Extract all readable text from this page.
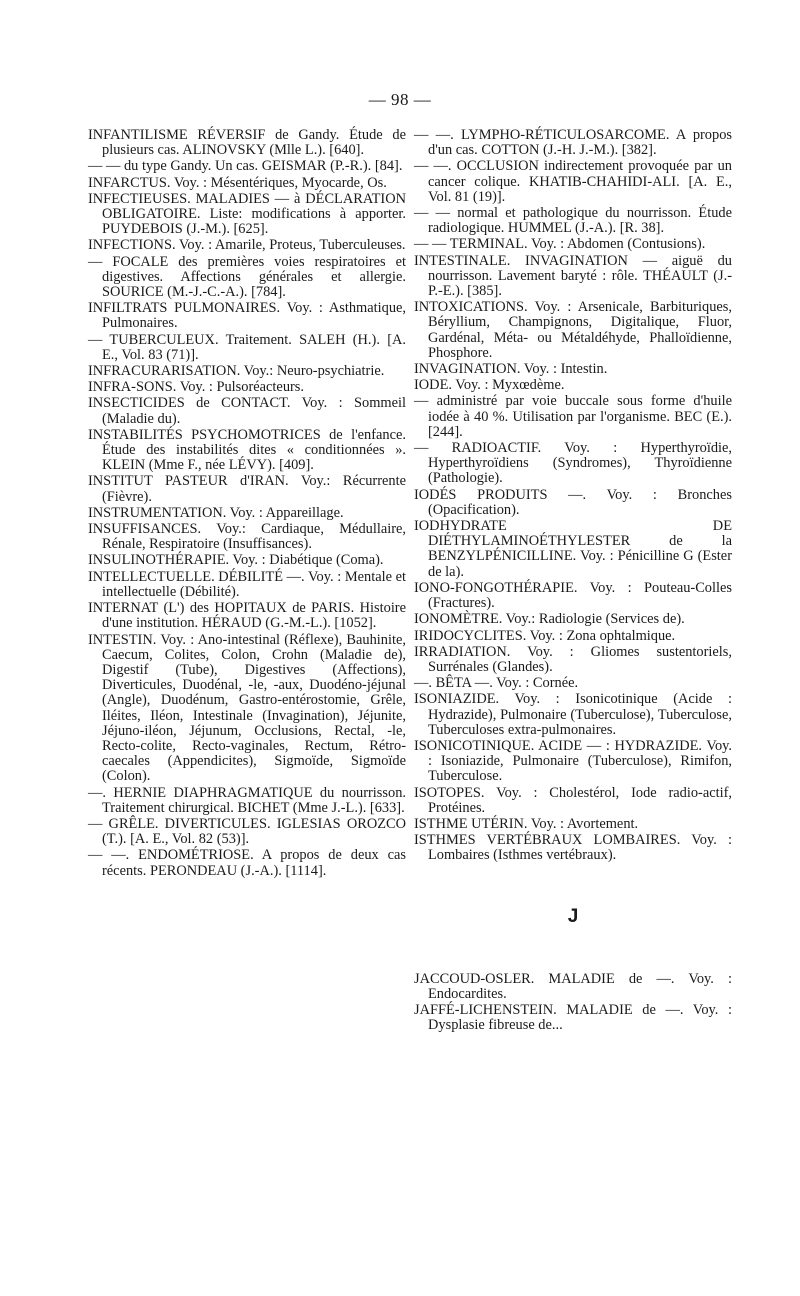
— 98 —

INFANTILISME RÉVERSIF de Gandy. Étude de plusieurs cas. ALINOVSKY (Mlle L.). [640].

— — du type Gandy. Un cas. GEISMAR (P.-R.). [84].

INFARCTUS. Voy. : Mésentériques, Myocarde, Os.

INFECTIEUSES. MALADIES — à DÉCLARATION OBLIGATOIRE. Liste: modifications à apporter. PUYDEBOIS (J.-M.). [625].

INFECTIONS. Voy. : Amarile, Proteus, Tuberculeuses.

— FOCALE des premières voies respiratoires et digestives. Affections générales et allergie. SOURICE (M.-J.-C.-A.). [784].

INFILTRATS PULMONAIRES. Voy. : Asthmatique, Pulmonaires.

— TUBERCULEUX. Traitement. SALEH (H.). [A. E., Vol. 83 (71)].

INFRACURARISATION. Voy.: Neuro-psychiatrie.

INFRA-SONS. Voy. : Pulsoréacteurs.

INSECTICIDES de CONTACT. Voy. : Sommeil (Maladie du).

INSTABILITÉS PSYCHOMOTRICES de l'enfance. Étude des instabilités dites « conditionnées ». KLEIN (Mme F., née LÉVY). [409].

INSTITUT PASTEUR d'IRAN. Voy.: Récurrente (Fièvre).

INSTRUMENTATION. Voy. : Appareillage.

INSUFFISANCES. Voy.: Cardiaque, Médullaire, Rénale, Respiratoire (Insuffisances).

INSULINOTHÉRAPIE. Voy. : Diabétique (Coma).

INTELLECTUELLE. DÉBILITÉ —. Voy. : Mentale et intellectuelle (Débilité).

INTERNAT (L') des HOPITAUX de PARIS. Histoire d'une institution. HÉRAUD (G.-M.-L.). [1052].

INTESTIN. Voy. : Ano-intestinal (Réflexe), Bauhinite, Caecum, Colites, Colon, Crohn (Maladie de), Digestif (Tube), Digestives (Affections), Diverticules, Duodénal, -le, -aux, Duodéno-jéjunal (Angle), Duodénum, Gastro-entérostomie, Grêle, Iléites, Iléon, Intestinale (Invagination), Jéjunite, Jéjuno-iléon, Jéjunum, Occlusions, Rectal, -le, Recto-colite, Recto-vaginales, Rectum, Rétro-caecales (Appendicites), Sigmoïde, Sigmoïde (Colon).

—. HERNIE DIAPHRAGMATIQUE du nourrisson. Traitement chirurgical. BICHET (Mme J.-L.). [633].

— GRÊLE. DIVERTICULES. IGLESIAS OROZCO (T.). [A. E., Vol. 82 (53)].

— —. ENDOMÉTRIOSE. A propos de deux cas récents. PERONDEAU (J.-A.). [1114].

— —. LYMPHO-RÉTICULOSARCOME. A propos d'un cas. COTTON (J.-H. J.-M.). [382].

— —. OCCLUSION indirectement provoquée par un cancer colique. KHATIB-CHAHIDI-ALI. [A. E., Vol. 81 (19)].

— — normal et pathologique du nourrisson. Étude radiologique. HUMMEL (J.-A.). [R. 38].

— — TERMINAL. Voy. : Abdomen (Contusions).

INTESTINALE. INVAGINATION — aiguë du nourrisson. Lavement baryté : rôle. THÉAULT (J.-P.-E.). [385].

INTOXICATIONS. Voy. : Arsenicale, Barbituriques, Béryllium, Champignons, Digitalique, Fluor, Gardénal, Méta- ou Métaldéhyde, Phalloïdienne, Phosphore.

INVAGINATION. Voy. : Intestin.

IODE. Voy. : Myxœdème.

— administré par voie buccale sous forme d'huile iodée à 40 %. Utilisation par l'organisme. BEC (E.). [244].

— RADIOACTIF. Voy. : Hyperthyroïdie, Hyperthyroïdiens (Syndromes), Thyroïdienne (Pathologie).

IODÉS PRODUITS —. Voy. : Bronches (Opacification).

IODHYDRATE DE DIÉTHYLAMINOÉTHYLESTER de la BENZYLPÉNICILLINE. Voy. : Pénicilline G (Ester de la).

IONO-FONGOTHÉRAPIE. Voy. : Pouteau-Colles (Fractures).

IONOMÈTRE. Voy.: Radiologie (Services de).

IRIDOCYCLITES. Voy. : Zona ophtalmique.

IRRADIATION. Voy. : Gliomes sustentoriels, Surrénales (Glandes).

—. BÊTA —. Voy. : Cornée.

ISONIAZIDE. Voy. : Isonicotinique (Acide : Hydrazide), Pulmonaire (Tuberculose), Tuberculose, Tuberculoses extra-pulmonaires.

ISONICOTINIQUE. ACIDE — : HYDRAZIDE. Voy. : Isoniazide, Pulmonaire (Tuberculose), Rimifon, Tuberculose.

ISOTOPES. Voy. : Cholestérol, Iode radio-actif, Protéines.

ISTHME UTÉRIN. Voy. : Avortement.

ISTHMES VERTÉBRAUX LOMBAIRES. Voy. : Lombaires (Isthmes vertébraux).

J

JACCOUD-OSLER. MALADIE de —. Voy. : Endocardites.

JAFFÉ-LICHENSTEIN. MALADIE de —. Voy. : Dysplasie fibreuse de...
